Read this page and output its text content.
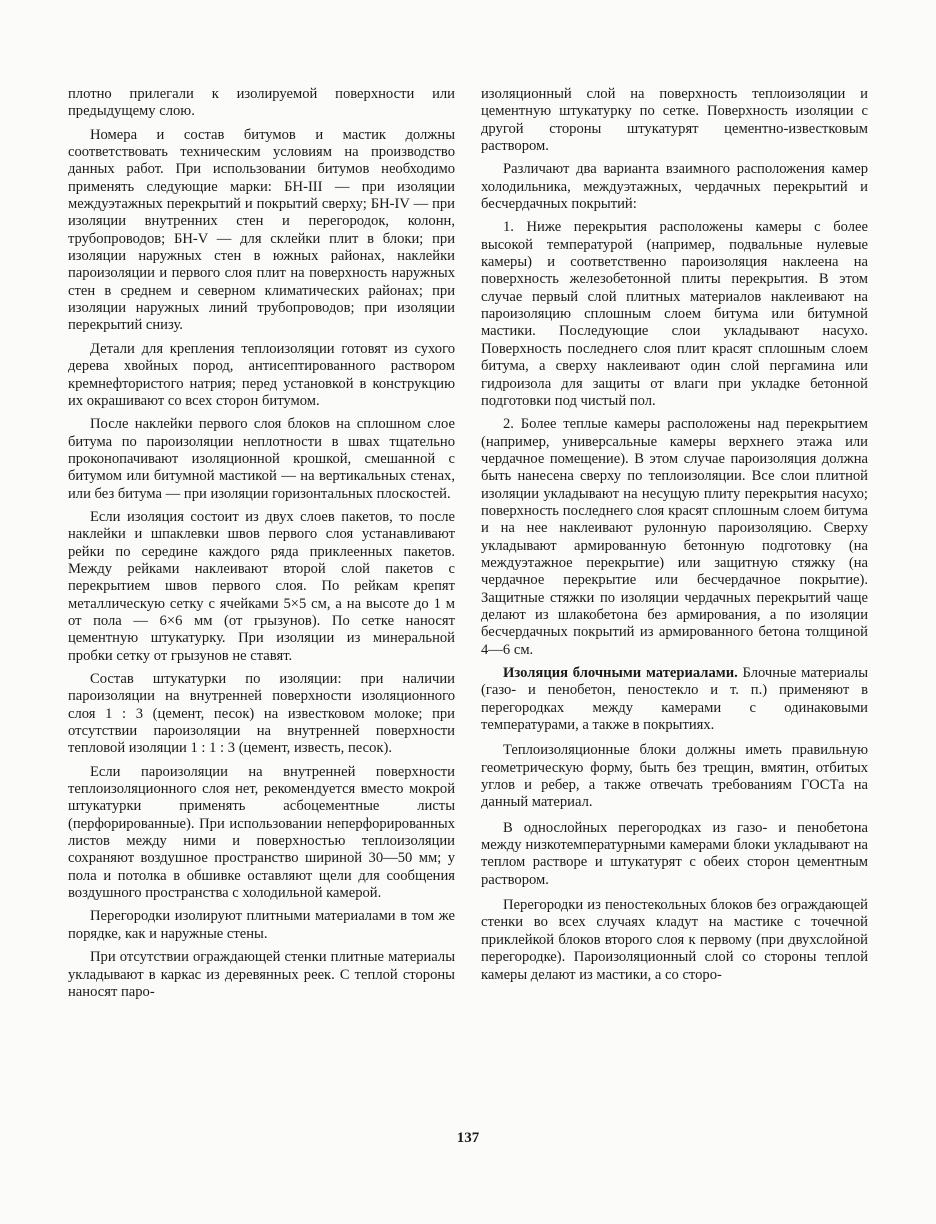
плотно прилегали к изолируемой поверхности или предыдущему слою.

Номера и состав битумов и мастик должны соответствовать техническим условиям на производство данных работ. При использовании битумов необходимо применять следующие марки: БН-III — при изоляции междуэтажных перекрытий и покрытий сверху; БН-IV — при изоляции внутренних стен и перегородок, колонн, трубопроводов; БН-V — для склейки плит в блоки; при изоляции наружных стен в южных районах, наклейки пароизоляции и первого слоя плит на поверхность наружных стен в среднем и северном климатических районах; при изоляции наружных линий трубопроводов; при изоляции перекрытий снизу.

Детали для крепления теплоизоляции готовят из сухого дерева хвойных пород, антисептированного раствором кремнефтористого натрия; перед установкой в конструкцию их окрашивают со всех сторон битумом.

После наклейки первого слоя блоков на сплошном слое битума по пароизоляции неплотности в швах тщательно проконопачивают изоляционной крошкой, смешанной с битумом или битумной мастикой — на вертикальных стенах, или без битума — при изоляции горизонтальных плоскостей.

Если изоляция состоит из двух слоев пакетов, то после наклейки и шпаклевки швов первого слоя устанавливают рейки по середине каждого ряда приклеенных пакетов. Между рейками наклеивают второй слой пакетов с перекрытием швов первого слоя. По рейкам крепят металлическую сетку с ячейками 5×5 см, а на высоте до 1 м от пола — 6×6 мм (от грызунов). По сетке наносят цементную штукатурку. При изоляции из минеральной пробки сетку от грызунов не ставят.

Состав штукатурки по изоляции: при наличии пароизоляции на внутренней поверхности изоляционного слоя 1 : 3 (цемент, песок) на известковом молоке; при отсутствии пароизоляции на внутренней поверхности тепловой изоляции 1 : 1 : 3 (цемент, известь, песок).

Если пароизоляции на внутренней поверхности теплоизоляционного слоя нет, рекомендуется вместо мокрой штукатурки применять асбоцементные листы (перфорированные). При использовании неперфорированных листов между ними и поверхностью теплоизоляции сохраняют воздушное пространство шириной 30—50 мм; у пола и потолка в обшивке оставляют щели для сообщения воздушного пространства с холодильной камерой.

Перегородки изолируют плитными материалами в том же порядке, как и наружные стены.

При отсутствии ограждающей стенки плитные материалы укладывают в каркас из деревянных реек. С теплой стороны наносят паро-

изоляционный слой на поверхность теплоизоляции и цементную штукатурку по сетке. Поверхность изоляции с другой стороны штукатурят цементно-известковым раствором.

Различают два варианта взаимного расположения камер холодильника, междуэтажных, чердачных перекрытий и бесчердачных покрытий:

1. Ниже перекрытия расположены камеры с более высокой температурой (например, подвальные нулевые камеры) и соответственно пароизоляция наклеена на поверхность железобетонной плиты перекрытия. В этом случае первый слой плитных материалов наклеивают на пароизоляцию сплошным слоем битума или битумной мастики. Последующие слои укладывают насухо. Поверхность последнего слоя плит красят сплошным слоем битума, а сверху наклеивают один слой пергамина или гидроизола для защиты от влаги при укладке бетонной подготовки под чистый пол.

2. Более теплые камеры расположены над перекрытием (например, универсальные камеры верхнего этажа или чердачное помещение). В этом случае пароизоляция должна быть нанесена сверху по теплоизоляции. Все слои плитной изоляции укладывают на несущую плиту перекрытия насухо; поверхность последнего слоя красят сплошным слоем битума и на нее наклеивают рулонную пароизоляцию. Сверху укладывают армированную бетонную подготовку (на междуэтажное перекрытие) или защитную стяжку (на чердачное перекрытие или бесчердачное покрытие). Защитные стяжки по изоляции чердачных перекрытий чаще делают из шлакобетона без армирования, а по изоляции бесчердачных покрытий из армированного бетона толщиной 4—6 см.

Изоляция блочными материалами. Блочные материалы (газо- и пенобетон, пеностекло и т. п.) применяют в перегородках между камерами с одинаковыми температурами, а также в покрытиях.

Теплоизоляционные блоки должны иметь правильную геометрическую форму, быть без трещин, вмятин, отбитых углов и ребер, а также отвечать требованиям ГОСТа на данный материал.

В однослойных перегородках из газо- и пенобетона между низкотемпературными камерами блоки укладывают на теплом растворе и штукатурят с обеих сторон цементным раствором.

Перегородки из пеностекольных блоков без ограждающей стенки во всех случаях кладут на мастике с точечной приклейкой блоков второго слоя к первому (при двухслойной перегородке). Пароизоляционный слой со стороны теплой камеры делают из мастики, а со сторо-

137
